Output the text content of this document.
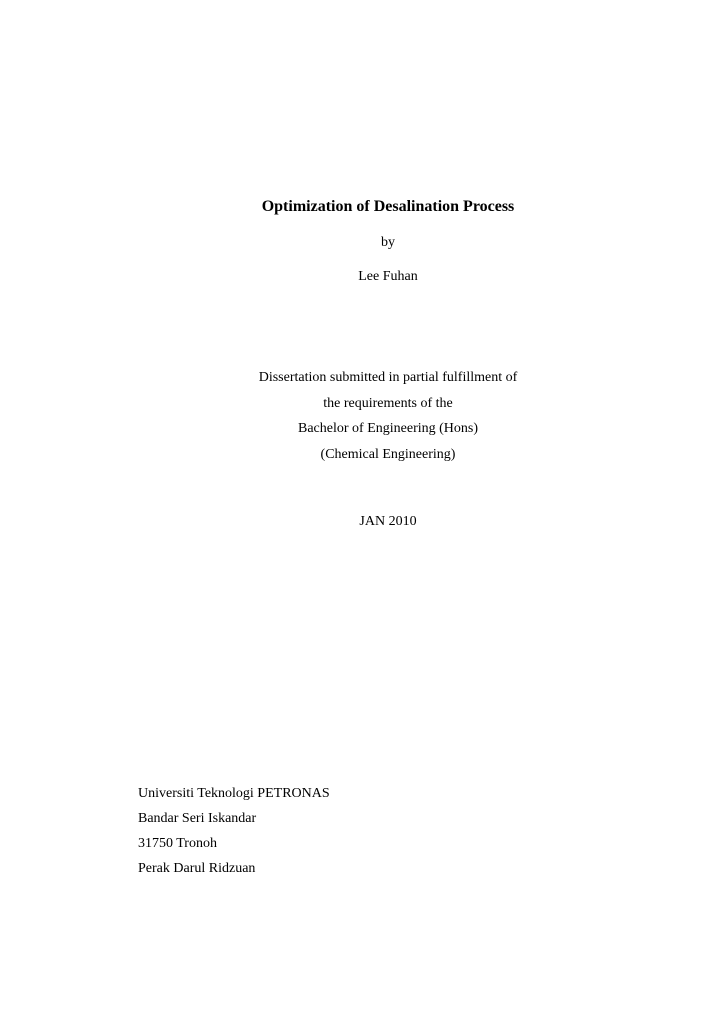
Optimization of Desalination Process
by
Lee Fuhan
Dissertation submitted in partial fulfillment of
the requirements of the
Bachelor of Engineering (Hons)
(Chemical Engineering)
JAN 2010
Universiti Teknologi PETRONAS
Bandar Seri Iskandar
31750 Tronoh
Perak Darul Ridzuan
